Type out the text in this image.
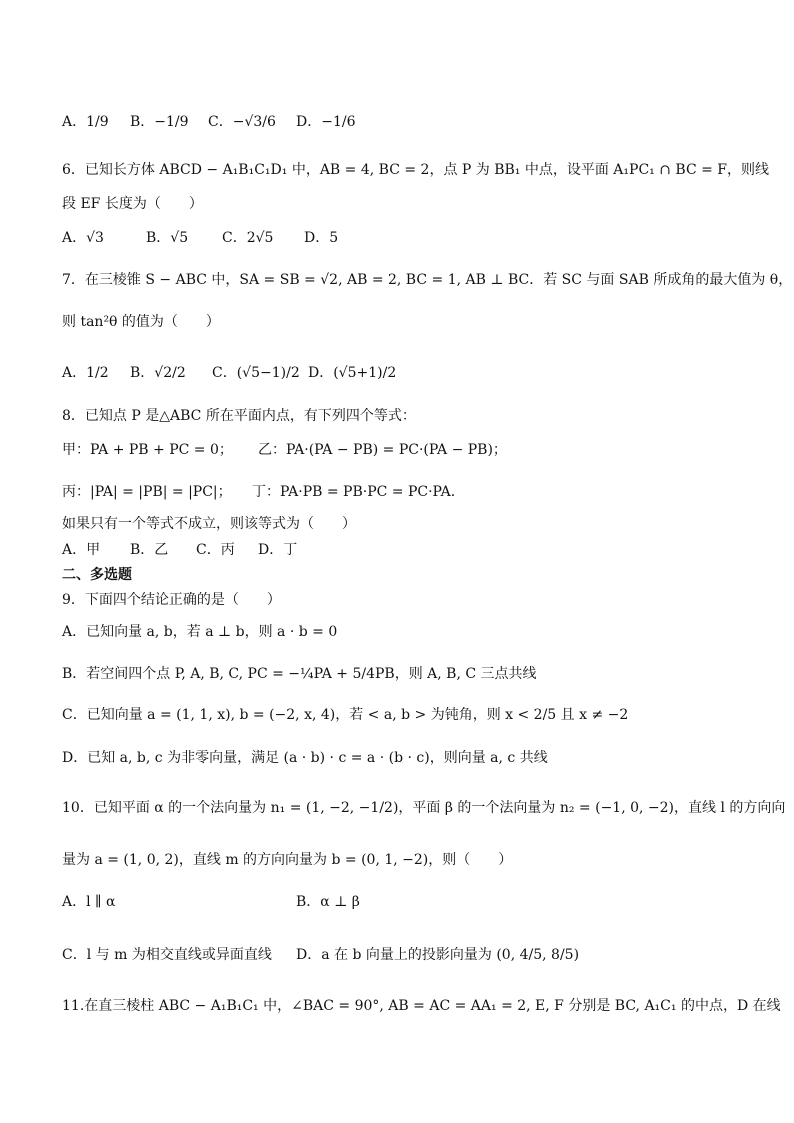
A．1/9 B．−1/9 C．−√3/6 D．−1/6
6．已知长方体 ABCD − A₁B₁C₁D₁ 中，AB = 4, BC = 2，点 P 为 BB₁ 中点，设平面 A₁PC₁ ∩ BC = F，则线
段 EF 长度为（　　）
A．√3	B．√5 C．2√5 D．5
7．在三棱锥 S − ABC 中，SA = SB = √2, AB = 2, BC = 1, AB ⊥ BC．若 SC 与面 SAB 所成角的最大值为 θ，
则 tan²θ 的值为（　　）
A．1/2 B．√2/2 C．(√5−1)/2 D．(√5+1)/2
8．已知点 P 是△ABC 所在平面内点，有下列四个等式：
甲：PA + PB + PC = 0； 乙：PA·(PA − PB) = PC·(PA − PB)；
丙：|PA| = |PB| = |PC|； 丁：PA·PB = PB·PC = PC·PA．
如果只有一个等式不成立，则该等式为（　　）
A．甲 B．乙 C．丙 D．丁
二、多选题
9．下面四个结论正确的是（　　）
A．已知向量 a, b，若 a ⊥ b，则 a · b = 0
B．若空间四个点 P, A, B, C, PC = −¼PA + 5/4PB，则 A, B, C 三点共线
C．已知向量 a = (1, 1, x), b = (−2, x, 4)，若 < a, b > 为钝角，则 x < 2/5 且 x ≠ −2
D．已知 a, b, c 为非零向量，满足 (a · b) · c = a · (b · c)，则向量 a, c 共线
10．已知平面 α 的一个法向量为 n₁ = (1, −2, −1/2)，平面 β 的一个法向量为 n₂ = (−1, 0, −2)，直线 l 的方向向
量为 a = (1, 0, 2)，直线 m 的方向向量为 b = (0, 1, −2)，则（　　）
A．l ∥ α	B．α ⊥ β
C．l 与 m 为相交直线或异面直线 D．a 在 b 向量上的投影向量为 (0, 4/5, 8/5)
11.在直三棱柱 ABC − A₁B₁C₁ 中，∠BAC = 90°, AB = AC = AA₁ = 2, E, F 分别是 BC, A₁C₁ 的中点，D 在线
